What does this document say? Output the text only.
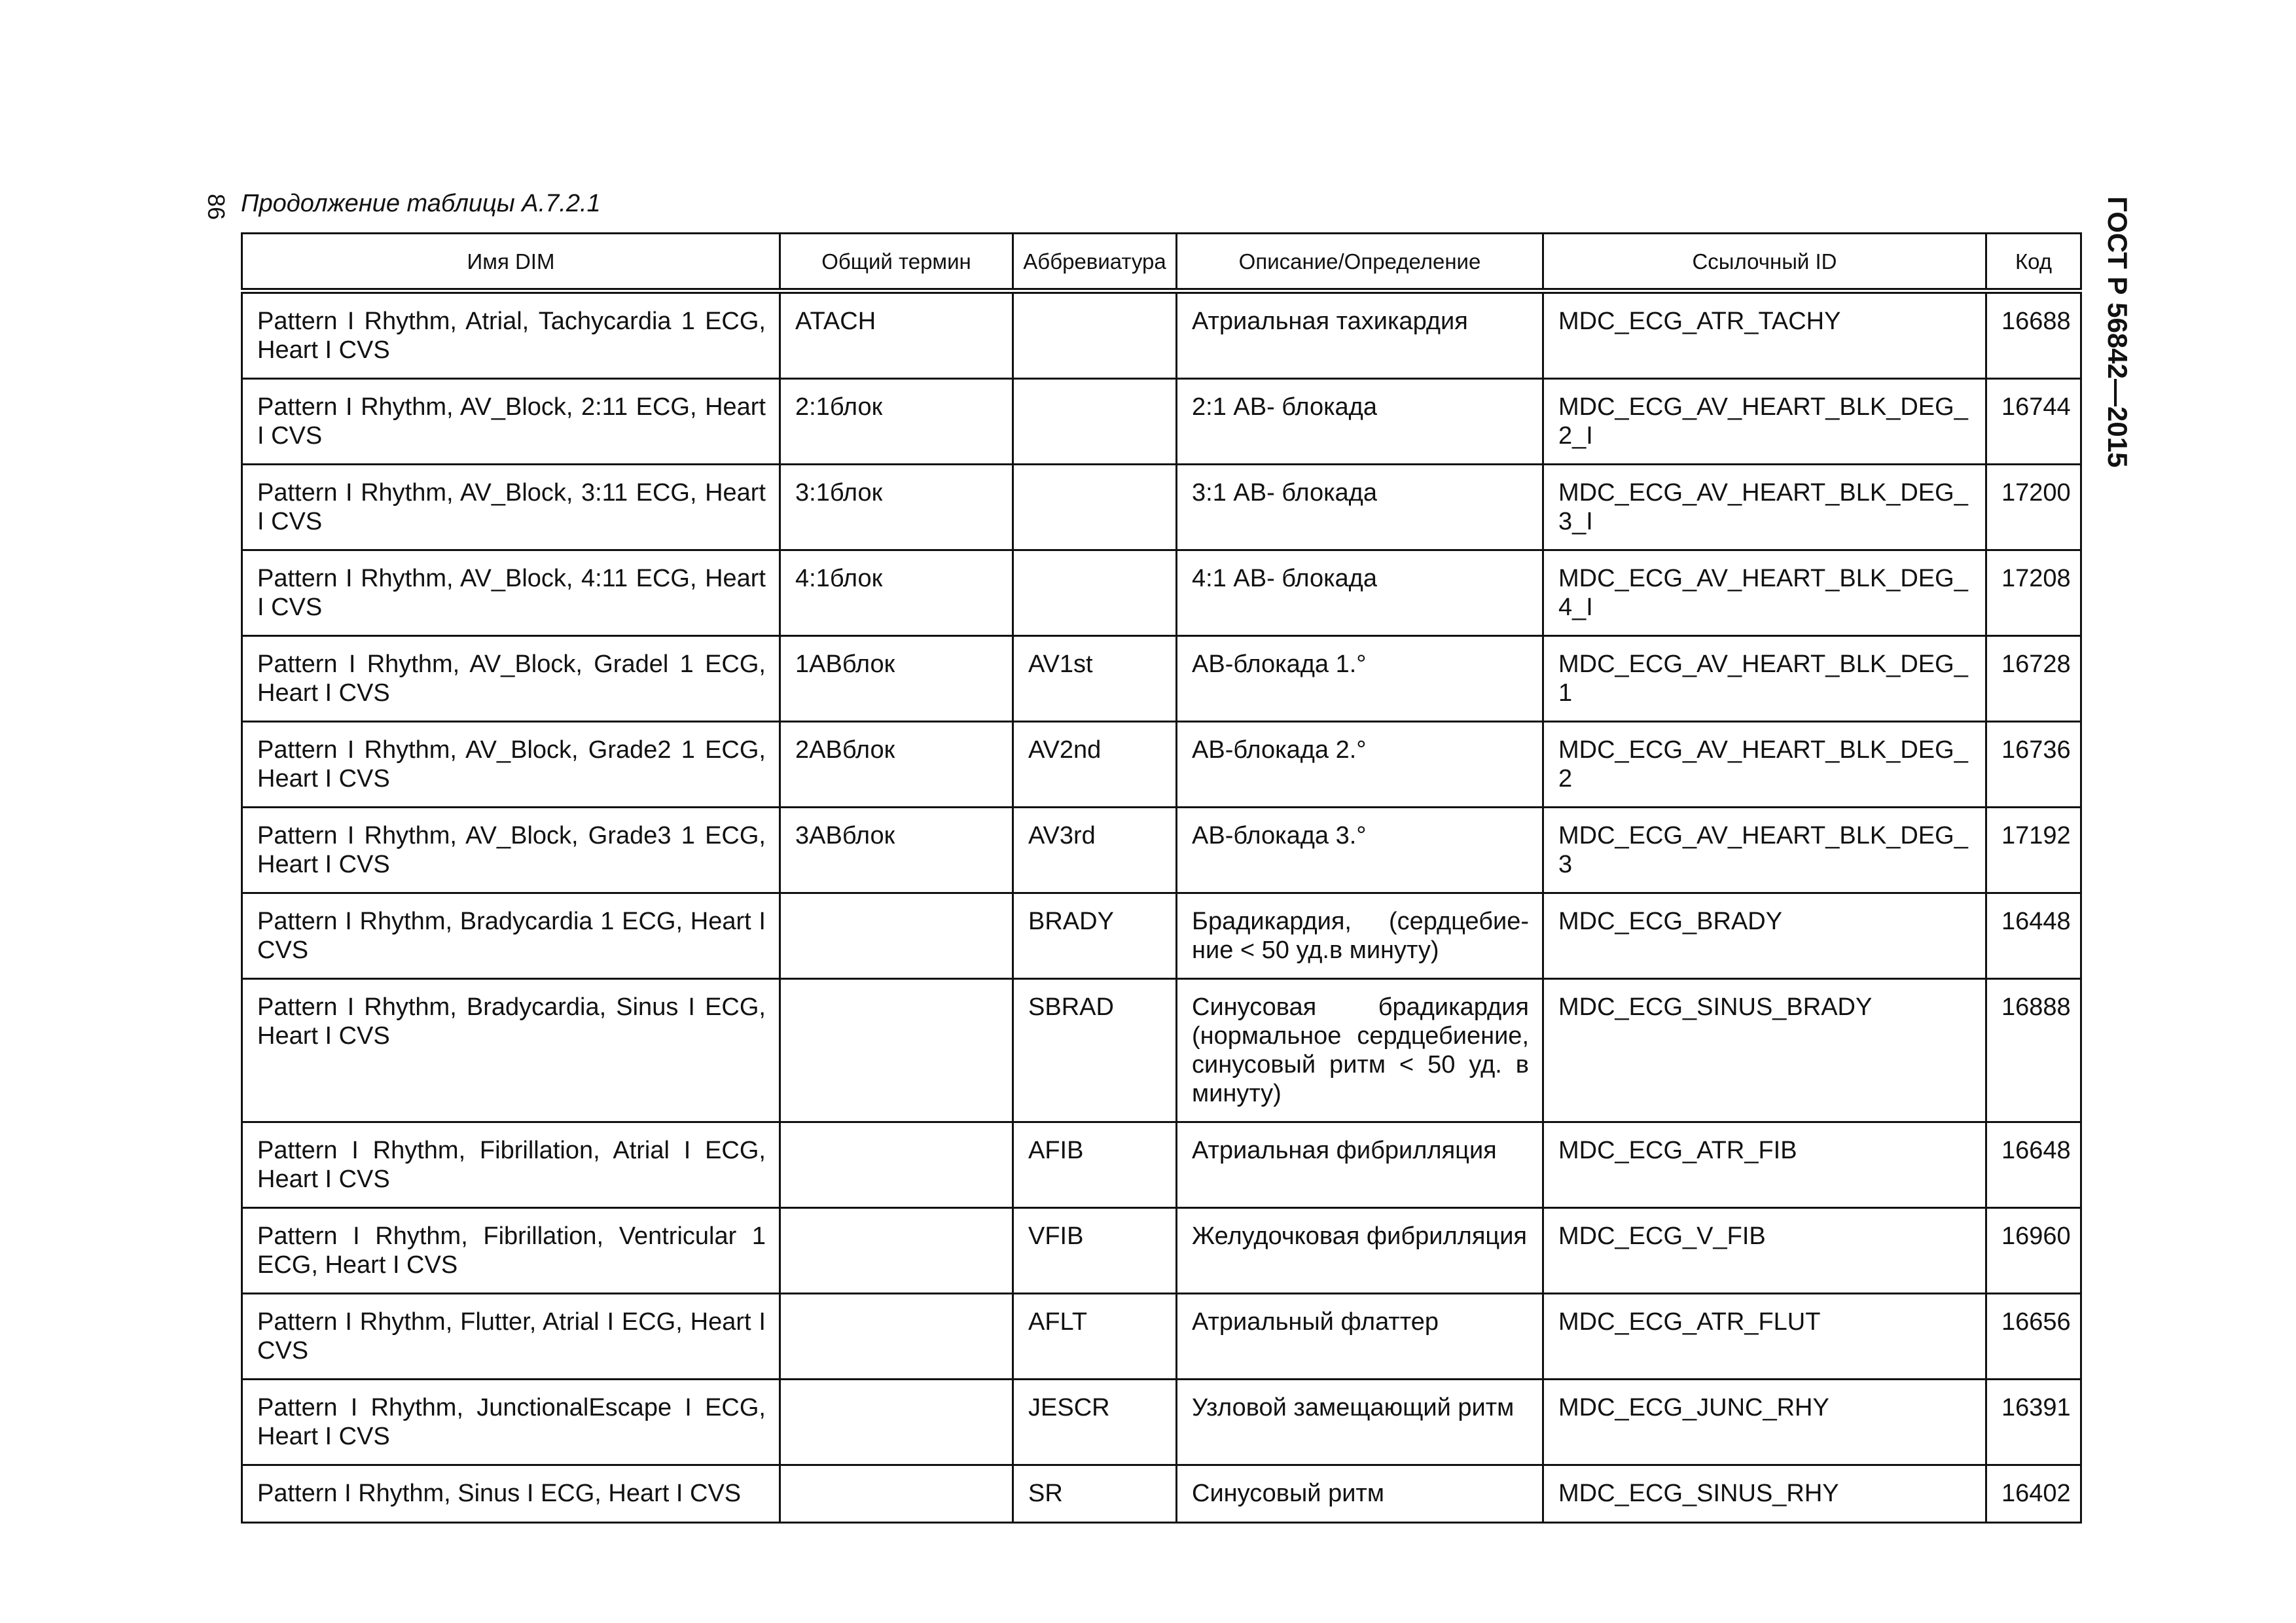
86 Продолжение таблицы А.7.2.1	ГОСТ Р 56842—2015
Имя DIM	Общий термин	Аббревиатура	Описание/Определение	Ссылочный ID	Код
Pattern I Rhythm, Atrial, Tachycardia 1 ECG, Heart I CVS	ATACH		Атриальная тахикардия	MDC_ECG_ATR_TACHY	16688
Pattern I Rhythm, AV_Block, 2:11 ECG, Heart I CVS	2:1блок		2:1 АВ- блокада	MDC_ECG_AV_HEART_BLK_DEG_2_I	16744
Pattern I Rhythm, AV_Block, 3:11 ECG, Heart I CVS	3:1блок		3:1 АВ- блокада	MDC_ECG_AV_HEART_BLK_DEG_3_I	17200
Pattern I Rhythm, AV_Block, 4:11 ECG, Heart I CVS	4:1блок		4:1 АВ- блокада	MDC_ECG_AV_HEART_BLK_DEG_4_I	17208
Pattern I Rhythm, AV_Block, Gradel 1 ECG, Heart I CVS	1АВблок	AV1st	АВ-блокада 1.°	MDC_ECG_AV_HEART_BLK_DEG_1	16728
Pattern I Rhythm, AV_Block, Grade2 1 ECG, Heart I CVS	2АВблок	AV2nd	АВ-блокада 2.°	MDC_ECG_AV_HEART_BLK_DEG_2	16736
Pattern I Rhythm, AV_Block, Grade3 1 ECG, Heart I CVS	3АВблок	AV3rd	АВ-блокада 3.°	MDC_ECG_AV_HEART_BLK_DEG_3	17192
Pattern I Rhythm, Bradycardia 1 ECG, Heart I CVS		BRADY	Брадикардия, (сердцебие-ние < 50 уд.в минуту)	MDC_ECG_BRADY	16448
Pattern I Rhythm, Bradycardia, Sinus I ECG, Heart I CVS		SBRAD	Синусовая брадикардия (нормальное сердцебиение, синусовый ритм < 50 уд. в минуту)	MDC_ECG_SINUS_BRADY	16888
Pattern I Rhythm, Fibrillation, Atrial I ECG, Heart I CVS		AFIB	Атриальная фибрилляция	MDC_ECG_ATR_FIB	16648
Pattern I Rhythm, Fibrillation, Ventricular 1 ECG, Heart I CVS		VFIB	Желудочковая фибрилляция	MDC_ECG_V_FIB	16960
Pattern I Rhythm, Flutter, Atrial I ECG, Heart I CVS		AFLT	Атриальный флаттер	MDC_ECG_ATR_FLUT	16656
Pattern I Rhythm, JunctionalEscape I ECG, Heart I CVS		JESCR	Узловой замещающий ритм	MDC_ECG_JUNC_RHY	16391
Pattern I Rhythm, Sinus I ECG, Heart I CVS		SR	Синусовый ритм	MDC_ECG_SINUS_RHY	16402
